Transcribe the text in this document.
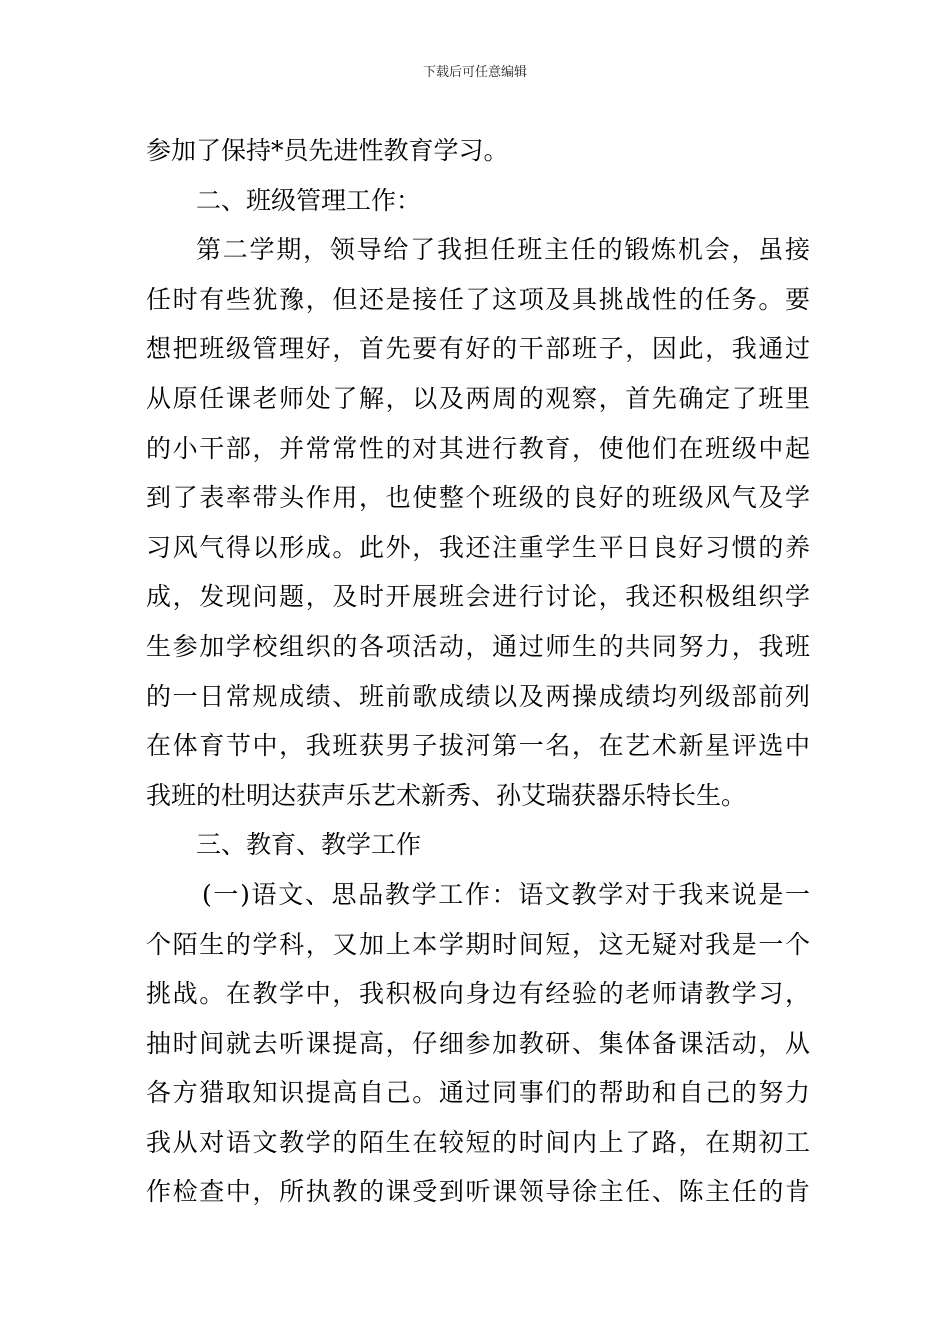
下载后可任意编辑

参加了保持*员先进性教育学习。

二、班级管理工作：

第二学期，领导给了我担任班主任的锻炼机会，虽接
任时有些犹豫，但还是接任了这项及具挑战性的任务。要
想把班级管理好，首先要有好的干部班子，因此，我通过
从原任课老师处了解，以及两周的观察，首先确定了班里
的小干部，并常常性的对其进行教育，使他们在班级中起
到了表率带头作用，也使整个班级的良好的班级风气及学
习风气得以形成。此外，我还注重学生平日良好习惯的养
成，发现问题，及时开展班会进行讨论，我还积极组织学
生参加学校组织的各项活动，通过师生的共同努力，我班
的一日常规成绩、班前歌成绩以及两操成绩均列级部前列
在体育节中，我班获男子拔河第一名，在艺术新星评选中
我班的杜明达获声乐艺术新秀、孙艾瑞获器乐特长生。

三、教育、教学工作

(一)语文、思品教学工作：语文教学对于我来说是一
个陌生的学科，又加上本学期时间短，这无疑对我是一个
挑战。在教学中，我积极向身边有经验的老师请教学习，
抽时间就去听课提高，仔细参加教研、集体备课活动，从
各方猎取知识提高自己。通过同事们的帮助和自己的努力
我从对语文教学的陌生在较短的时间内上了路，在期初工
作检查中，所执教的课受到听课领导徐主任、陈主任的肯
